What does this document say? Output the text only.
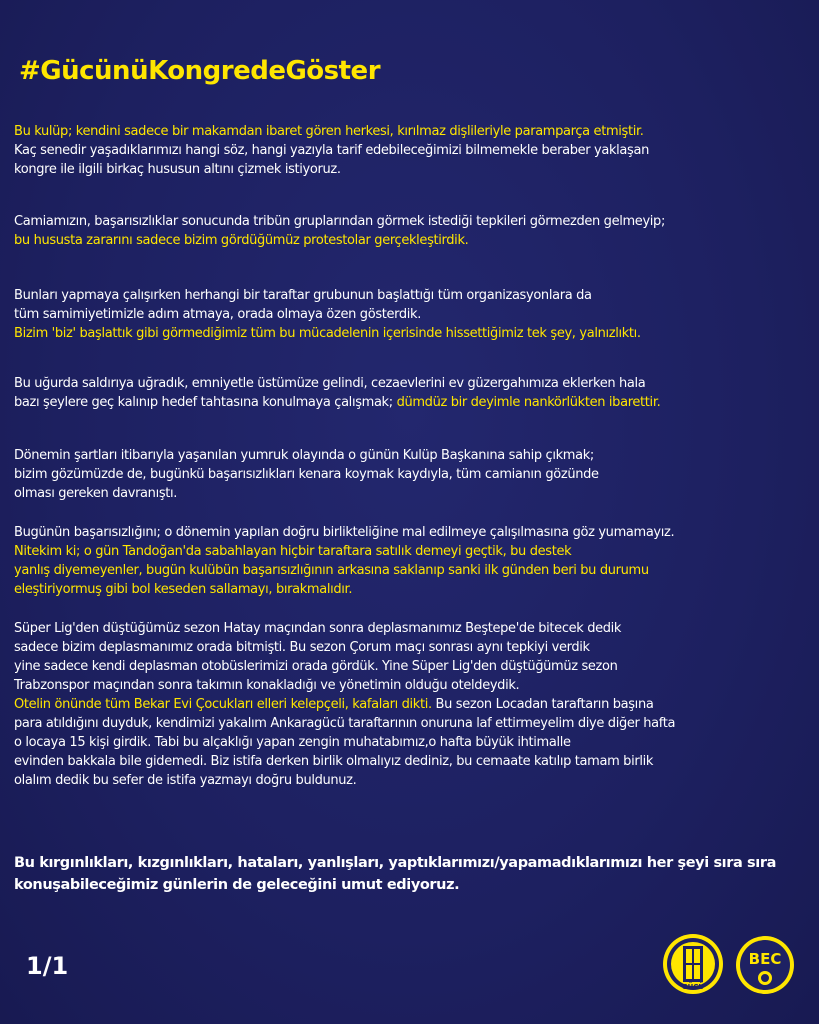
#GücünüKongredeGöster

Bu kulüp; kendini sadece bir makamdan ibaret gören herkesi, kırılmaz dişlileriyle paramparça etmiştir.
Kaç senedir yaşadıklarımızı hangi söz, hangi yazıyla tarif edebileceğimizi bilmemekle beraber yaklaşan
kongre ile ilgili birkaç hususun altını çizmek istiyoruz.

Camiamızın, başarısızlıklar sonucunda tribün gruplarından görmek istediği tepkileri görmezden gelmeyip;
bu hususta zararını sadece bizim gördüğümüz protestolar gerçekleştirdik.

Bunları yapmaya çalışırken herhangi bir taraftar grubunun başlattığı tüm organizasyonlara da
tüm samimiyetimizle adım atmaya, orada olmaya özen gösterdik.
Bizim 'biz' başlattık gibi görmediğimiz tüm bu mücadelenin içerisinde hissettiğimiz tek şey, yalnızlıktı.

Bu uğurda saldırıya uğradık, emniyetle üstümüze gelindi, cezaevlerini ev güzergahımıza eklerken hala
bazı şeylere geç kalınıp hedef tahtasına konulmaya çalışmak; dümdüz bir deyimle nankörlükten ibarettir.

Dönemin şartları itibarıyla yaşanılan yumruk olayında o günün Kulüp Başkanına sahip çıkmak;
bizim gözümüzde de, bugünkü başarısızlıkları kenara koymak kaydıyla, tüm camianın gözünde
olması gereken davranıştı.

Bugünün başarısızlığını; o dönemin yapılan doğru birlikteliğine mal edilmeye çalışılmasına göz yumamayız.
Nitekim ki; o gün Tandoğan'da sabahlayan hiçbir taraftara satılık demeyi geçtik, bu destek
yanlış diyemeyenler, bugün kulübün başarısızlığının arkasına saklanıp sanki ilk günden beri bu durumu
eleştiriyormuş gibi bol keseden sallamayı, bırakmalıdır.

Süper Lig'den düştüğümüz sezon Hatay maçından sonra deplasmanımız Beştepe'de bitecek dedik
sadece bizim deplasmanımız orada bitmişti. Bu sezon Çorum maçı sonrası aynı tepkiyi verdik
yine sadece kendi deplasman otobüslerimizi orada gördük. Yine Süper Lig'den düştüğümüz sezon
Trabzonspor maçından sonra takımın konakladığı ve yönetimin olduğu oteldeydik.
Otelin önünde tüm Bekar Evi Çocukları elleri kelepçeli, kafaları dikti. Bu sezon Locadan taraftarın başına
para atıldığını duyduk, kendimizi yakalım Ankaragücü taraftarının onuruna laf ettirmeyelim diye diğer hafta
o locaya 15 kişi girdik. Tabi bu alçaklığı yapan zengin muhatabımız,o hafta büyük ihtimalle
evinden bakkala bile gidemedi. Biz istifa derken birlik olmalıyız dediniz, bu cemaate katılıp tamam birlik
olalım dedik bu sefer de istifa yazmayı doğru buldunuz.

Bu kırgınlıkları, kızgınlıkları, hataları, yanlışları, yaptıklarımızı/yapamadıklarımızı her şeyi sıra sıra
konuşabileceğimiz günlerin de geleceğini umut ediyoruz.

1/1
GÜCÜ
BEC
